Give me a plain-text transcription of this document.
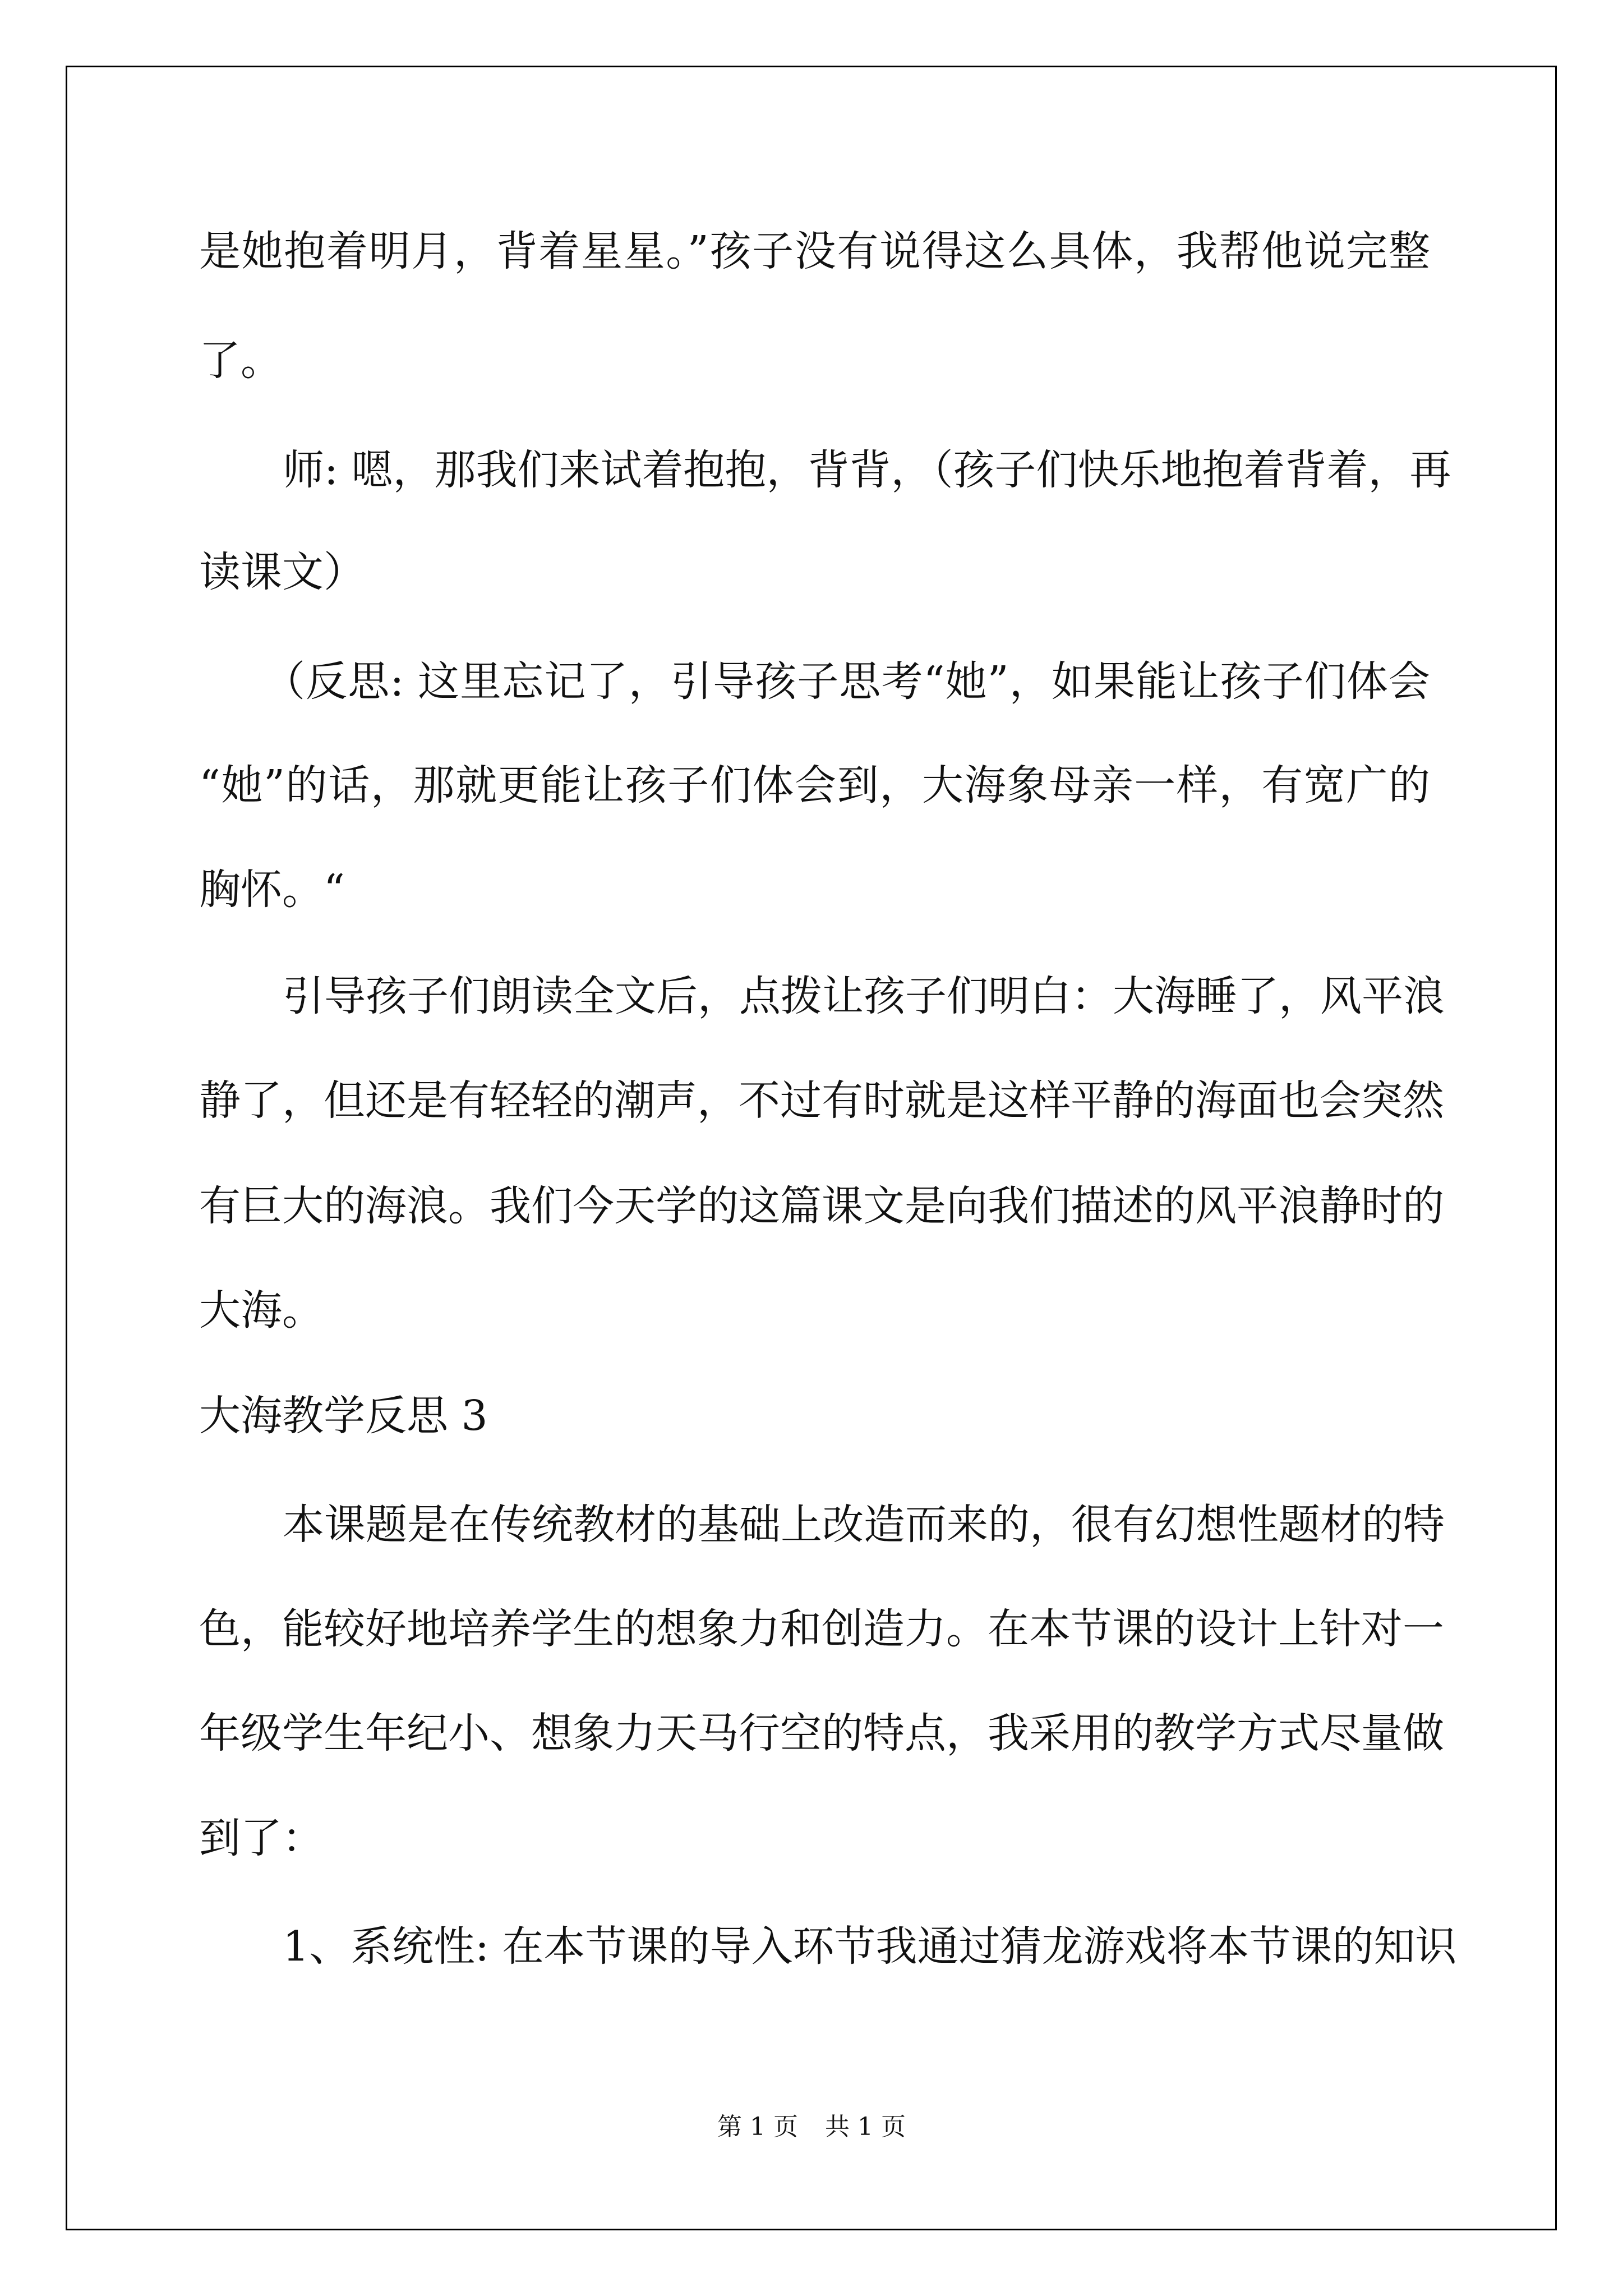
是她抱着明月，背着星星。”孩子没有说得这么具体，我帮他说完整

了。

师: 嗯，那我们来试着抱抱，背背，（孩子们快乐地抱着背着，再

读课文）

（反思: 这里忘记了，引导孩子思考“她”，如果能让孩子们体会

“她”的话，那就更能让孩子们体会到，大海象母亲一样，有宽广的

胸怀。“

引导孩子们朗读全文后，点拨让孩子们明白：大海睡了，风平浪

静了，但还是有轻轻的潮声，不过有时就是这样平静的海面也会突然

有巨大的海浪。我们今天学的这篇课文是向我们描述的风平浪静时的

大海。

大海教学反思 3

本课题是在传统教材的基础上改造而来的，很有幻想性题材的特

色，能较好地培养学生的想象力和创造力。在本节课的设计上针对一

年级学生年纪小、想象力天马行空的特点，我采用的教学方式尽量做

到了：

1、系统性: 在本节课的导入环节我通过猜龙游戏将本节课的知识

第 1 页 共 1 页
